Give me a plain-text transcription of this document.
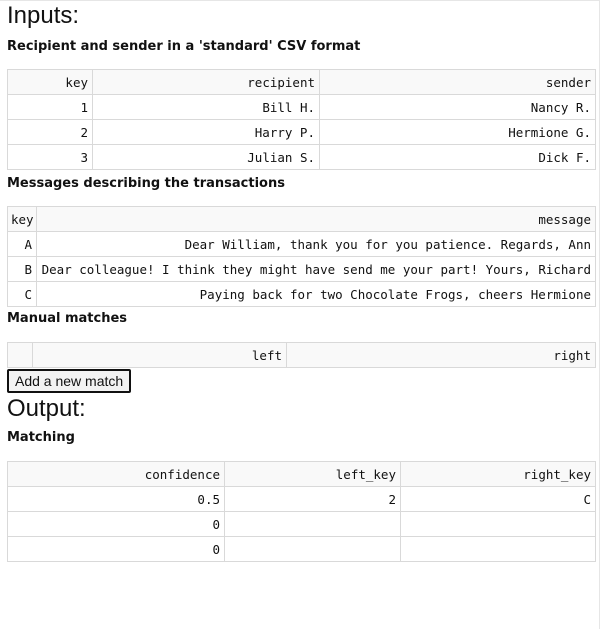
Inputs:
Recipient and sender in a 'standard' CSV format
key	recipient	sender
1	Bill H.	Nancy R.
2	Harry P.	Hermione G.
3	Julian S.	Dick F.
Messages describing the transactions
key	message
A	Dear William, thank you for you patience. Regards, Ann
B	Dear colleague! I think they might have send me your part! Yours, Richard
C	Paying back for two Chocolate Frogs, cheers Hermione
Manual matches
	left	right
Add a new match
Output:
Matching
confidence	left_key	right_key
0.5	2	C
0		
0		
